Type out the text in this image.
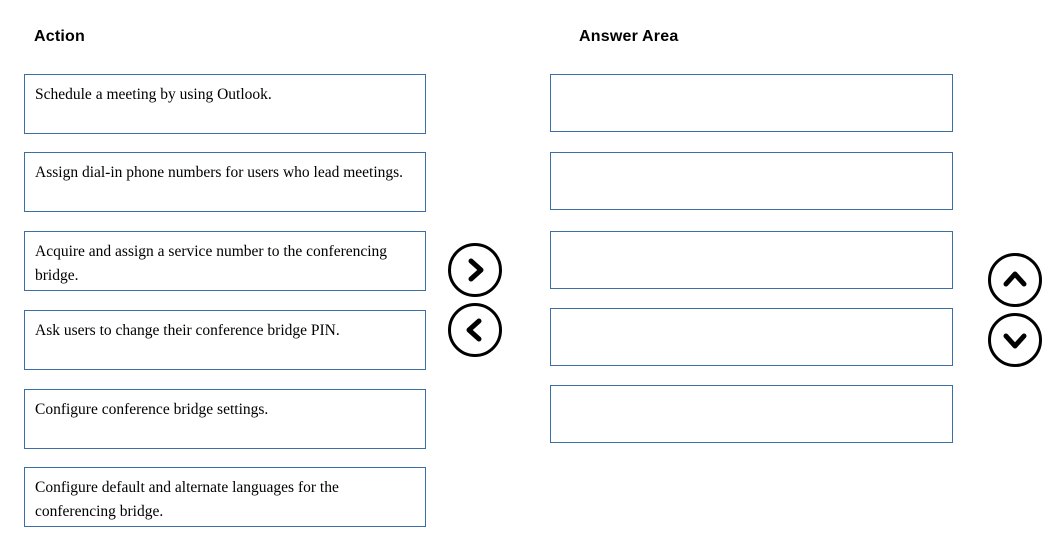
Action	Answer Area
Schedule a meeting by using Outlook.
Assign dial-in phone numbers for users who lead meetings.
Acquire and assign a service number to the conferencing bridge.
Ask users to change their conference bridge PIN.
Configure conference bridge settings.
Configure default and alternate languages for the conferencing bridge.
